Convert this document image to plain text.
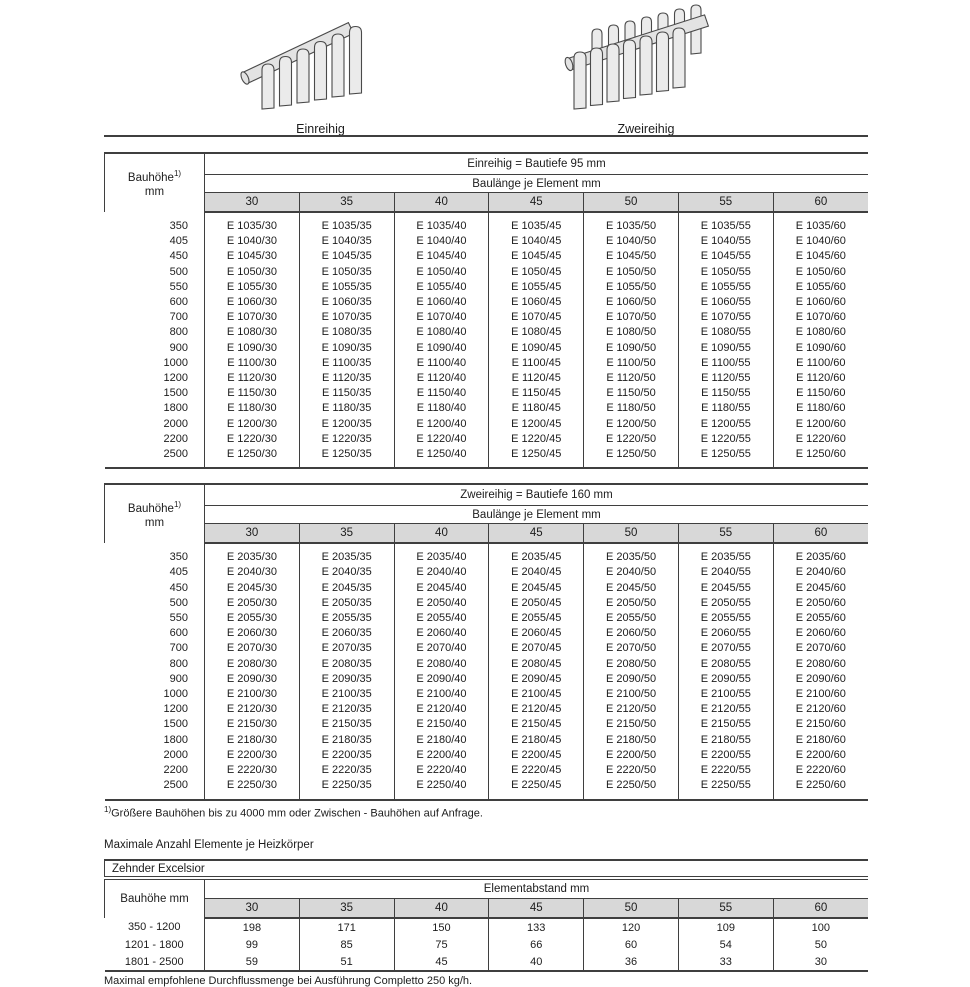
Einreihig	Zweireihig
Bauhöhe$^{1)}$
mm	Einreihig = Bautiefe 95 mm						
	Baulänge je Element mm						
	30	35	40	45	50	55	60
350	E 1035/30	E 1035/35	E 1035/40	E 1035/45	E 1035/50	E 1035/55	E 1035/60
405	E 1040/30	E 1040/35	E 1040/40	E 1040/45	E 1040/50	E 1040/55	E 1040/60
450	E 1045/30	E 1045/35	E 1045/40	E 1045/45	E 1045/50	E 1045/55	E 1045/60
500	E 1050/30	E 1050/35	E 1050/40	E 1050/45	E 1050/50	E 1050/55	E 1050/60
550	E 1055/30	E 1055/35	E 1055/40	E 1055/45	E 1055/50	E 1055/55	E 1055/60
600	E 1060/30	E 1060/35	E 1060/40	E 1060/45	E 1060/50	E 1060/55	E 1060/60
700	E 1070/30	E 1070/35	E 1070/40	E 1070/45	E 1070/50	E 1070/55	E 1070/60
800	E 1080/30	E 1080/35	E 1080/40	E 1080/45	E 1080/50	E 1080/55	E 1080/60
900	E 1090/30	E 1090/35	E 1090/40	E 1090/45	E 1090/50	E 1090/55	E 1090/60
1000	E 1100/30	E 1100/35	E 1100/40	E 1100/45	E 1100/50	E 1100/55	E 1100/60
1200	E 1120/30	E 1120/35	E 1120/40	E 1120/45	E 1120/50	E 1120/55	E 1120/60
1500	E 1150/30	E 1150/35	E 1150/40	E 1150/45	E 1150/50	E 1150/55	E 1150/60
1800	E 1180/30	E 1180/35	E 1180/40	E 1180/45	E 1180/50	E 1180/55	E 1180/60
2000	E 1200/30	E 1200/35	E 1200/40	E 1200/45	E 1200/50	E 1200/55	E 1200/60
2200	E 1220/30	E 1220/35	E 1220/40	E 1220/45	E 1220/50	E 1220/55	E 1220/60
2500	E 1250/30	E 1250/35	E 1250/40	E 1250/45	E 1250/50	E 1250/55	E 1250/60
Bauhöhe$^{1)}$
mm	Zweireihig = Bautiefe 160 mm						
	Baulänge je Element mm						
	30	35	40	45	50	55	60
350	E 2035/30	E 2035/35	E 2035/40	E 2035/45	E 2035/50	E 2035/55	E 2035/60
405	E 2040/30	E 2040/35	E 2040/40	E 2040/45	E 2040/50	E 2040/55	E 2040/60
450	E 2045/30	E 2045/35	E 2045/40	E 2045/45	E 2045/50	E 2045/55	E 2045/60
500	E 2050/30	E 2050/35	E 2050/40	E 2050/45	E 2050/50	E 2050/55	E 2050/60
550	E 2055/30	E 2055/35	E 2055/40	E 2055/45	E 2055/50	E 2055/55	E 2055/60
600	E 2060/30	E 2060/35	E 2060/40	E 2060/45	E 2060/50	E 2060/55	E 2060/60
700	E 2070/30	E 2070/35	E 2070/40	E 2070/45	E 2070/50	E 2070/55	E 2070/60
800	E 2080/30	E 2080/35	E 2080/40	E 2080/45	E 2080/50	E 2080/55	E 2080/60
900	E 2090/30	E 2090/35	E 2090/40	E 2090/45	E 2090/50	E 2090/55	E 2090/60
1000	E 2100/30	E 2100/35	E 2100/40	E 2100/45	E 2100/50	E 2100/55	E 2100/60
1200	E 2120/30	E 2120/35	E 2120/40	E 2120/45	E 2120/50	E 2120/55	E 2120/60
1500	E 2150/30	E 2150/35	E 2150/40	E 2150/45	E 2150/50	E 2150/55	E 2150/60
1800	E 2180/30	E 2180/35	E 2180/40	E 2180/45	E 2180/50	E 2180/55	E 2180/60
2000	E 2200/30	E 2200/35	E 2200/40	E 2200/45	E 2200/50	E 2200/55	E 2200/60
2200	E 2220/30	E 2220/35	E 2220/40	E 2220/45	E 2220/50	E 2220/55	E 2220/60
2500	E 2250/30	E 2250/35	E 2250/40	E 2250/45	E 2250/50	E 2250/55	E 2250/60
$^{1)}$Größere Bauhöhen bis zu 4000 mm oder Zwischen - Bauhöhen auf Anfrage.
Maximale Anzahl Elemente je Heizkörper
Zehnder Excelsior
Bauhöhe mm	Elementabstand mm						
	30	35	40	45	50	55	60
350 - 1200	198	171	150	133	120	109	100
1201 - 1800	99	85	75	66	60	54	50
1801 - 2500	59	51	45	40	36	33	30
Maximal empfohlene Durchflussmenge bei Ausführung Completto 250 kg/h.
